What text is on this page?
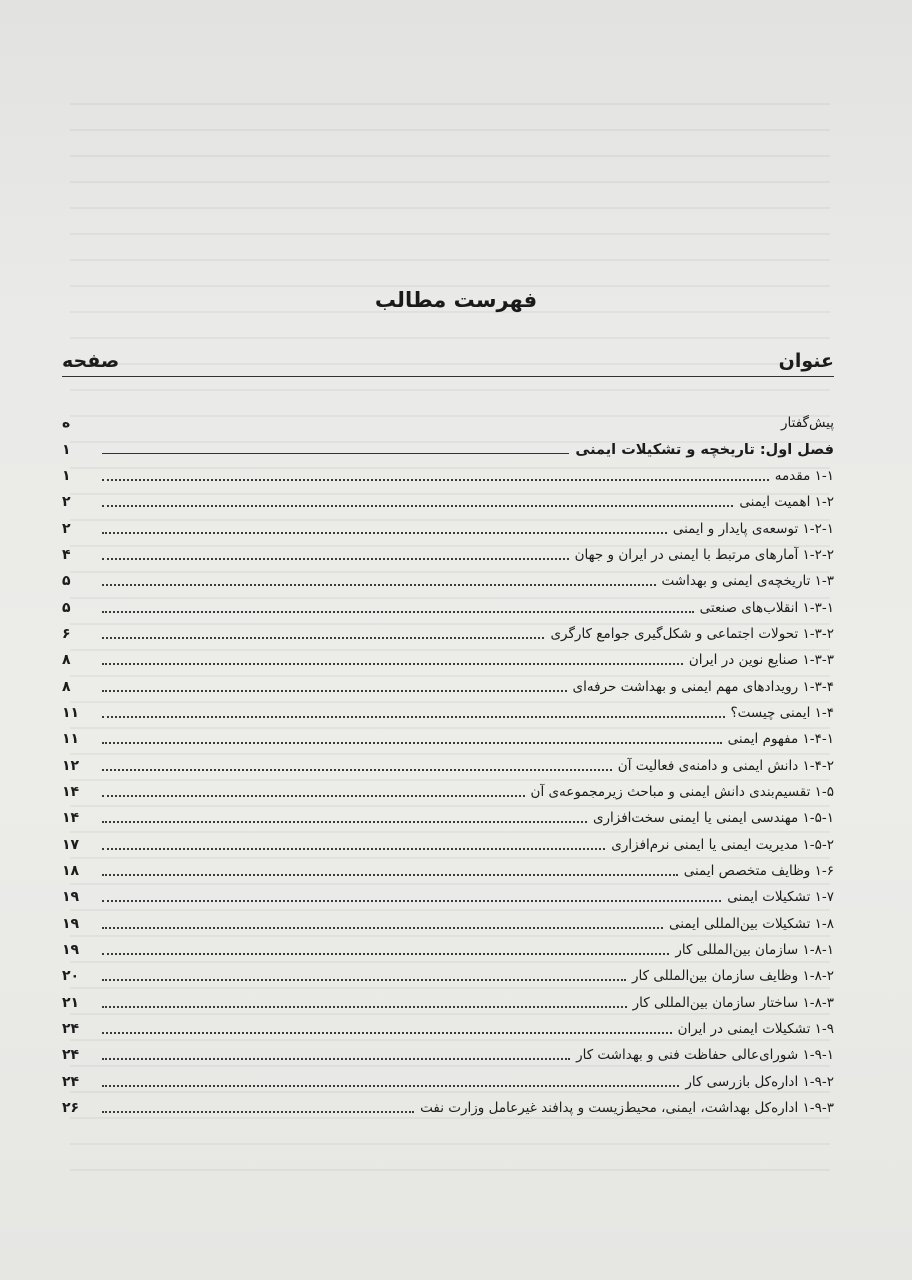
فهرست مطالب
عنوان
صفحه
پیش‌گفتار
ه
فصل اول: تاریخچه و تشکیلات ایمنی
۱
۱-۱ مقدمه
۱
۱-۲ اهمیت ایمنی
۲
۱-۲-۱ توسعه‌ی پایدار و ایمنی
۲
۱-۲-۲ آمارهای مرتبط با ایمنی در ایران و جهان
۴
۱-۳ تاریخچه‌ی ایمنی و بهداشت
۵
۱-۳-۱ انقلاب‌های صنعتی
۵
۱-۳-۲ تحولات اجتماعی و شکل‌گیری جوامع کارگری
۶
۱-۳-۳ صنایع نوین در ایران
۸
۱-۳-۴ رویدادهای مهم ایمنی و بهداشت حرفه‌ای
۸
۱-۴ ایمنی چیست؟
۱۱
۱-۴-۱ مفهوم ایمنی
۱۱
۱-۴-۲ دانش ایمنی و دامنه‌ی فعالیت آن
۱۲
۱-۵ تقسیم‌بندی دانش ایمنی و مباحث زیرمجموعه‌ی آن
۱۴
۱-۵-۱ مهندسی ایمنی یا ایمنی سخت‌افزاری
۱۴
۱-۵-۲ مدیریت ایمنی یا ایمنی نرم‌افزاری
۱۷
۱-۶ وظایف متخصص ایمنی
۱۸
۱-۷ تشکیلات ایمنی
۱۹
۱-۸ تشکیلات بین‌المللی ایمنی
۱۹
۱-۸-۱ سازمان بین‌المللی کار
۱۹
۱-۸-۲ وظایف سازمان بین‌المللی کار
۲۰
۱-۸-۳ ساختار سازمان بین‌المللی کار
۲۱
۱-۹ تشکیلات ایمنی در ایران
۲۴
۱-۹-۱ شورای‌عالی حفاظت فنی و بهداشت کار
۲۴
۱-۹-۲ اداره‌کل بازرسی کار
۲۴
۱-۹-۳ اداره‌کل بهداشت، ایمنی، محیط‌زیست و پدافند غیرعامل وزارت نفت
۲۶
